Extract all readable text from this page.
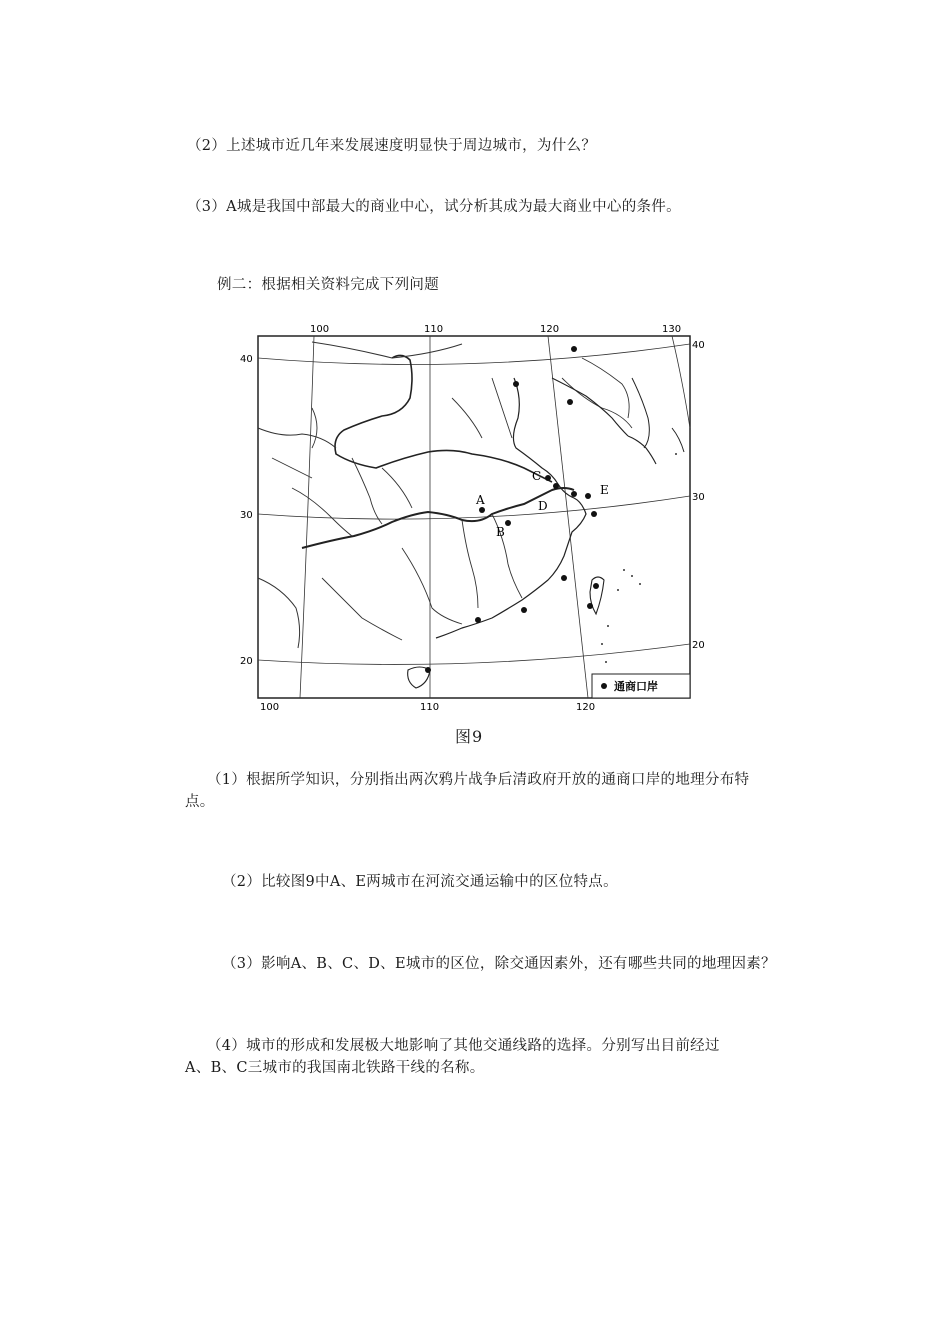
（2）上述城市近几年来发展速度明显快于周边城市，为什么？
（3）A城是我国中部最大的商业中心，试分析其成为最大商业中心的条件。
例二：根据相关资料完成下列问题
100	110	120	130
100	110	120
40
30
20
40
30
20
A
B
C
D
E
通商口岸
图9
（1）根据所学知识，分别指出两次鸦片战争后清政府开放的通商口岸的地理分布特
点。
（2）比较图9中A、E两城市在河流交通运输中的区位特点。
（3）影响A、B、C、D、E城市的区位，除交通因素外，还有哪些共同的地理因素？
（4）城市的形成和发展极大地影响了其他交通线路的选择。分别写出目前经过
A、B、C三城市的我国南北铁路干线的名称。
